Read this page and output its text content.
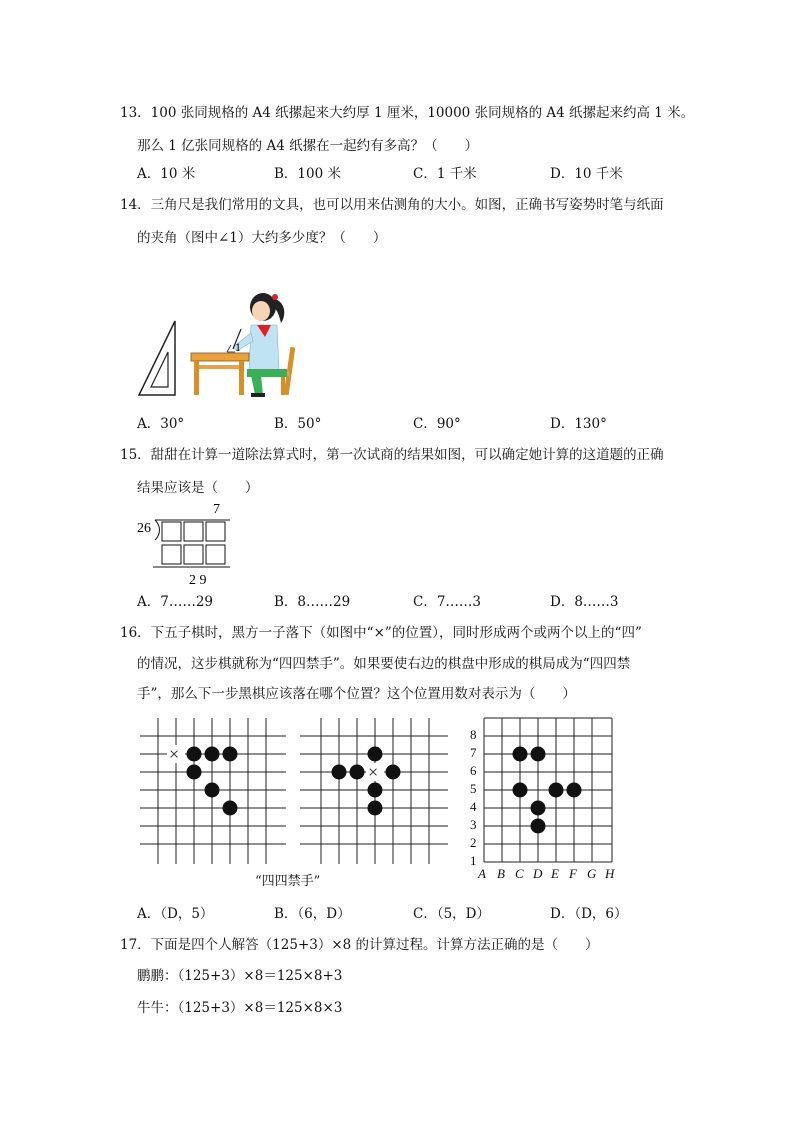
13．100 张同规格的 A4 纸摞起来大约厚 1 厘米，10000 张同规格的 A4 纸摞起来约高 1 米。
那么 1 亿张同规格的 A4 纸摞在一起约有多高？（　　）
A．10 米	B．100 米	C．1 千米	D．10 千米
14．三角尺是我们常用的文具，也可以用来估测角的大小。如图，正确书写姿势时笔与纸面
的夹角（图中∠1）大约多少度？（　　）
1
A．30°	B．50°	C．90°	D．130°
15．甜甜在计算一道除法算式时，第一次试商的结果如图，可以确定她计算的这道题的正确
结果应该是（　　）
7
26
2 9
A．7……29	B．8……29	C．7……3	D．8……3
16．下五子棋时，黑方一子落下（如图中“×”的位置），同时形成两个或两个以上的“四”
的情况，这步棋就称为“四四禁手”。如果要使右边的棋盘中形成的棋局成为“四四禁
手”，那么下一步黑棋应该落在哪个位置？这个位置用数对表示为（　　）
×
×
“四四禁手”
8
7
6
5
4
3
2
1
A B C D E F G H
A．（D，5）	B．（6，D）	C．（5，D）	D．（D，6）
17．下面是四个人解答（125+3）×8 的计算过程。计算方法正确的是（　　）
鹏鹏：（125+3）×8＝125×8+3
牛牛：（125+3）×8＝125×8×3
